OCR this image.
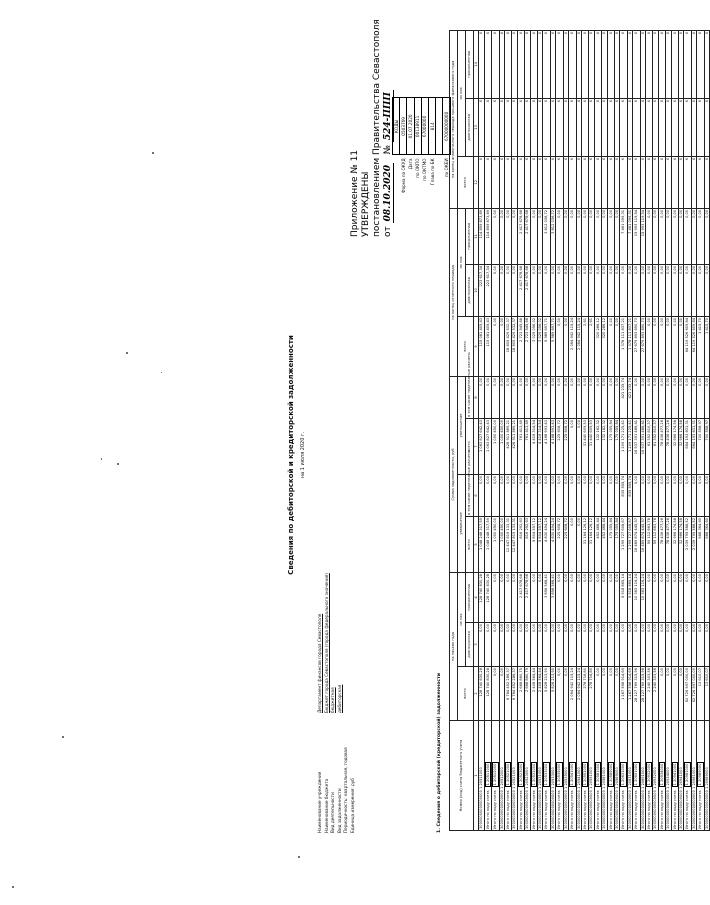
Приложение № 11 УТВЕРЖДЕНЫ постановлением Правительства Севастополя от 08.10.2020   № 524-ППП
Сведения по дебиторской и кредиторской задолженности на 1 июля 2020 г.
Наименование учреждения
Департамент финансов города Севастополя
Наименование бюджета
Бюджет города Севастополя (города федерального значения)
Вид деятельности
бюджетная
Вид задолженности
дебиторская
Периодичность: квартальная, годовая Единица измерения: руб
	КОДЫ
Форма по ОКУД	0503769
Дата	01.07.2020
по ОКПО	00138911
по ОКТМО	67000000
Глава по БК	814

по ОКЕИ	67000000000
1. Сведения о дебиторской (кредиторской) задолженности	Номер (код) счета бюджетного учета	на начало года			Сумма задолженности, руб				на конец отчетного периода			на конец аналогичного периода прошлого финансового года		
	всего	из них		увеличение		уменьшение		всего	из них		всего	из них	
		долгосрочная	просроченная	всего	в том числе неденежные расчеты	всего	в том числе неденежные расчеты		долгосрочная	просроченная		долгосрочная	просроченная
1	2	3	4	5	6	7	8	9	10	11	12	13	14
30000000000000000 1 20511000	128 740 830,28	0,00	128 740 830,28	1 048 248 317,59	0,00	1 063 827 642,43	0,00	115 081 405,43	223 617,34	114 859 873,89	X	X	X
Итого по коду счета1 20511000	128 740 830,28	0,00	128 740 830,28	1 048 248 317,59	0,00	1 063 827 642,43	0,00	115 081 405,43	223 617,34	114 859 873,89	X	X	X
Итого по коду счета1 20512000	0,00	0,00	0,00	1 000 450,00	0,00	1 000 450,00	0,00	0,00	0,00	0,00	X	X	X
30000000000000000 1 20512000	0,00	0,00	0,00	1 000 450,00	0,00	1 000 450,00	0,00	0,00	0,00	0,00	X	X	X
Итого по коду счета1 20521000	6 784 452 286,37	0,00	0,00	12 447 819 133,31	0,00	428 911 889,21	0,00	18 805 429 532,37	0,00	0,00	X	X	X
30000000000000000 1 20521000	6 784 452 286,37	0,00	0,00	12 447 819 133,31	0,00	428 911 889,21	0,00	18 805 429 532,37	0,00	0,00	X	X	X
Итого по коду счета1 20523000	2 668 860,75	0,00	2 417 678,68	816 292,63	0,00	761 413,49	0,00	2 723 545,68	2 417 678,68	2 417 678,68	X	X	X
30000000000000000 1 20523000	2 668 860,75	0,00	2 417 678,68	816 292,63	0,00	761 413,49	0,00	2 723 545,68	2 417 678,68	2 417 678,68	X	X	X
Итого по коду счета1 20531000	2 408 564,44	0,00	0,00	5 804 557,12	0,00	4 416 314,54	0,00	3 029 056,02	0,00	0,00	X	X	X
30000000000000000 1 20531000	2 408 564,44	0,00	0,00	5 804 557,12	0,00	4 416 314,54	0,00	3 029 056,02	0,00	0,00	X	X	X
Итого по коду счета1 20533000	5 828 213,90	0,00	3 856 568,41	4 830 494,24	0,00	4 168 993,43	0,00	5 989 697,71	0,00	3 812 036,72	X	X	X
30000000000000000 1 20533000	5 828 213,90	0,00	3 856 568,41	4 830 494,24	0,00	4 168 993,43	0,00	5 989 697,71	0,00	3 812 036,72	X	X	X
Итого по коду счета1 20535000	0,00	0,00	0,00	225 608,72	0,00	225 608,72	0,00	0,00	0,00	0,00	X	X	X
30000000000000000 1 20535000	0,00	0,00	0,00	225 608,72	0,00	225 608,72	0,00	0,00	0,00	0,00	X	X	X
Итого по коду счета1 20541000	2 064 942 115,24	0,00	0,00	0,00	0,00	0,00	0,00	2 064 942 115,24	0,00	0,00	X	X	X
30000000000000000 1 20541000	2 064 942 115,24	0,00	0,00	0,00	0,00	0,00	0,00	2 064 942 115,24	0,00	0,00	X	X	X
Итого по коду счета1 20551000	278 716,80	0,00	0,00	31 164 126,12	0,00	31 440 609,53	0,00	2,61	0,00	0,00	X	X	X
30000000000000000 1 20551000	278 716,80	0,00	0,00	31 164 126,12	0,00	31 440 609,53	0,00	2,61	0,00	0,00	X	X	X
Итого по коду счета1 20581000	0,00	0,00	0,00	452 468,44	0,00	132 182,32	0,00	320 286,12	0,00	0,00	X	X	X
30000000000000000 1 20581000	0,00	0,00	0,00	452 468,44	0,00	132 182,32	0,00	320 286,12	0,00	0,00	X	X	X
Итого по коду счета1 20589000	0,00	0,00	0,00	175 055,84	0,00	175 055,84	0,00	0,00	0,00	0,00	X	X	X
30000000000000000 1 20589000	0,00	0,00	0,00	175 055,84	0,00	175 055,84	0,00	0,00	0,00	0,00	X	X	X
Итого по коду счета1 20631000	1 287 558 914,69	0,00	5 918 865,14	1 299 727 608,67	835 555,74	1 209 171 225,41	421 235,74	1 378 111 837,21	0,00	7 461 099,31	X	X	X
30000000000000000 1 20631000	1 287 558 914,69	0,00	5 918 865,14	1 299 727 608,67	835 555,74	1 209 171 225,41	421 235,74	1 378 111 837,21	0,00	7 461 099,31	X	X	X
Итого по коду счета1 20691000	28 127 769 315,96	0,00	10 363 116,24	16 489 874 445,57	0,00	16 937 391 486,41	0,00	27 679 893 890,73	0,00	15 993 119,54	X	X	X
30000000000000000 1 20691000	28 127 769 315,96	0,00	10 363 116,24	16 489 874 445,57	0,00	16 937 391 486,41	0,00	27 679 893 890,73	0,00	15 993 119,54	X	X	X
Итого по коду счета1 20932000	2 240 303,56	0,00	0,00	59 112 863,78	0,00	61 352 810,37	0,00	0,00	0,00	0,00	X	X	X
30000000000000000 1 20932000	2 240 303,56	0,00	0,00	59 112 863,78	0,00	61 352 810,37	0,00	0,00	0,00	0,00	X	X	X
Итого по коду счета1 20934000	0,00	0,00	0,00	78 436 477,26	0,00	78 436 477,26	0,00	0,00	0,00	0,00	X	X	X
30000000000000000 1 20934000	0,00	0,00	0,00	78 436 477,26	0,00	78 436 477,26	0,00	0,00	0,00	0,00	X	X	X
Итого по коду счета1 20941000	0,00	0,00	0,00	32 966 174,58	0,00	32 966 174,58	0,00	0,00	0,00	0,00	X	X	X
30000000000000000 1 20941000	0,00	0,00	0,00	32 966 174,58	0,00	32 966 174,58	0,00	0,00	0,00	0,00	X	X	X
Итого по коду счета1 20981000	62 726 597 000,00	0,00	0,00	2 039 795 588,52	0,00	664 193 831,31	0,00	64 119 526 609,64	0,00	0,00	X	X	X
30000000000000000 1 20981000	62 726 597 000,00	0,00	0,00	2 039 795 588,52	0,00	664 193 831,31	0,00	64 119 526 609,64	0,00	0,00	X	X	X
Итого по коду счета1 20989000	13 610,07	0,00	0,00	688 364,60	0,00	700 558,97	0,00	1 415,70	0,00	0,00	X	X	X
30000000000000000 1 20989000	13 610,07	0,00	0,00	688 364,60	0,00	700 558,97	0,00	1 415,70	0,00	0,00	X	X	X
